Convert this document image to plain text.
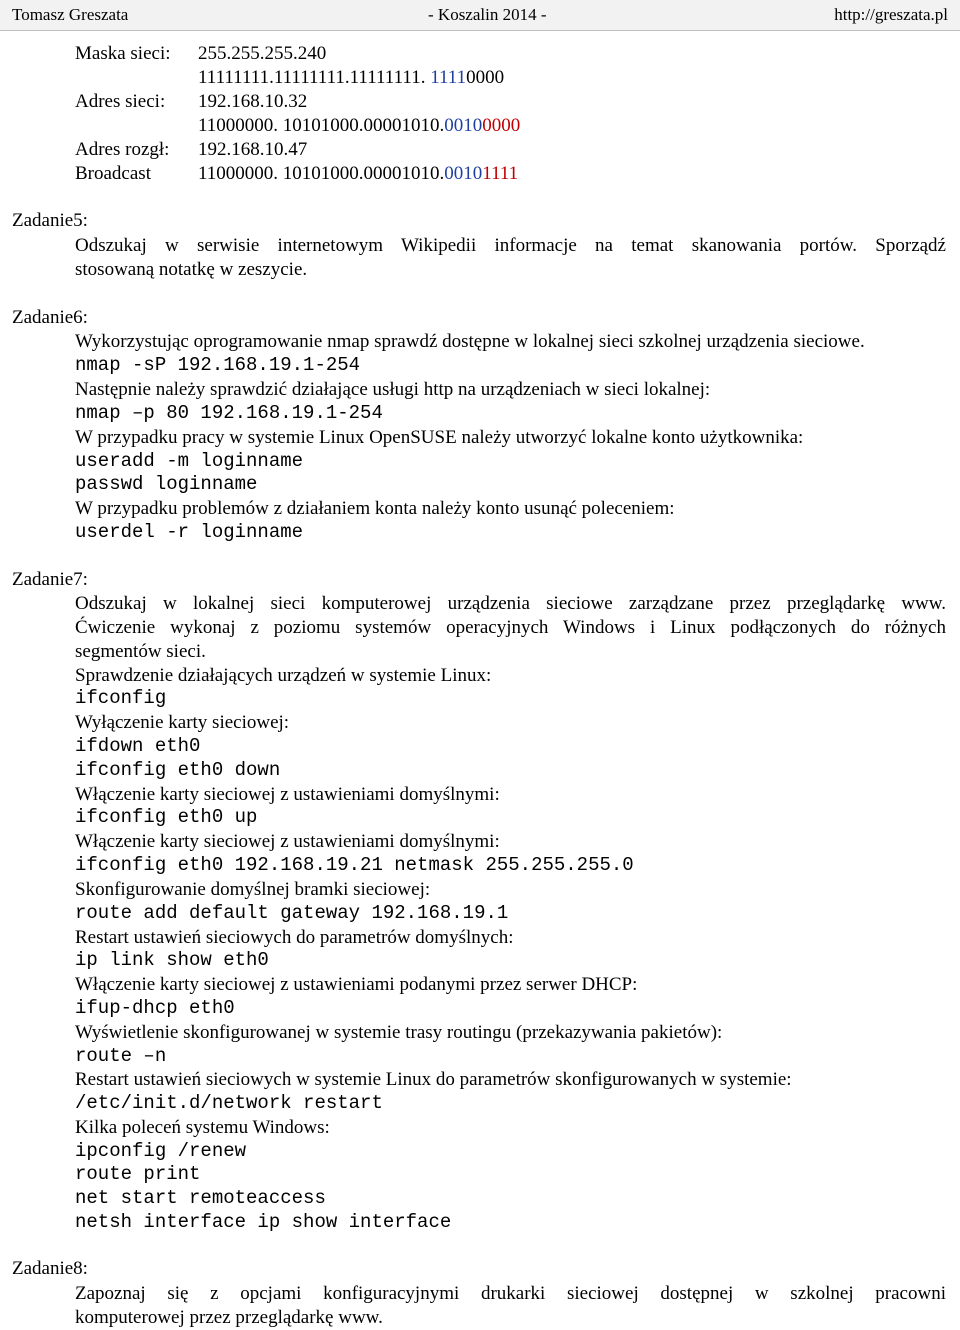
Tomasz Greszata	- Koszalin 2014 -	http://greszata.pl
Maska sieci: 255.255.255.240
11111111.11111111.11111111. 11110000
Adres sieci: 192.168.10.32
11000000. 10101000.00001010.00100000
Adres rozgł: 192.168.10.47
Broadcast 11000000. 10101000.00001010.00101111
Zadanie5:
Odszukaj w serwisie internetowym Wikipedii informacje na temat skanowania portów. Sporządź
stosowaną notatkę w zeszycie.
Zadanie6:
Wykorzystując oprogramowanie nmap sprawdź dostępne w lokalnej sieci szkolnej urządzenia sieciowe.
nmap -sP 192.168.19.1-254
Następnie należy sprawdzić działające usługi http na urządzeniach w sieci lokalnej:
nmap –p 80 192.168.19.1-254
W przypadku pracy w systemie Linux OpenSUSE należy utworzyć lokalne konto użytkownika:
useradd -m loginname
passwd loginname
W przypadku problemów z działaniem konta należy konto usunąć poleceniem:
userdel -r loginname
Zadanie7:
Odszukaj w lokalnej sieci komputerowej urządzenia sieciowe zarządzane przez przeglądarkę www.
Ćwiczenie wykonaj z poziomu systemów operacyjnych Windows i Linux podłączonych do różnych
segmentów sieci.
Sprawdzenie działających urządzeń w systemie Linux:
ifconfig
Wyłączenie karty sieciowej:
ifdown eth0
ifconfig eth0 down
Włączenie karty sieciowej z ustawieniami domyślnymi:
ifconfig eth0 up
Włączenie karty sieciowej z ustawieniami domyślnymi:
ifconfig eth0 192.168.19.21 netmask 255.255.255.0
Skonfigurowanie domyślnej bramki sieciowej:
route add default gateway 192.168.19.1
Restart ustawień sieciowych do parametrów domyślnych:
ip link show eth0
Włączenie karty sieciowej z ustawieniami podanymi przez serwer DHCP:
ifup-dhcp eth0
Wyświetlenie skonfigurowanej w systemie trasy routingu (przekazywania pakietów):
route –n
Restart ustawień sieciowych w systemie Linux do parametrów skonfigurowanych w systemie:
/etc/init.d/network restart
Kilka poleceń systemu Windows:
ipconfig /renew
route print
net start remoteaccess
netsh interface ip show interface
Zadanie8:
Zapoznaj się z opcjami konfiguracyjnymi drukarki sieciowej dostępnej w szkolnej pracowni
komputerowej przez przeglądarkę www.
